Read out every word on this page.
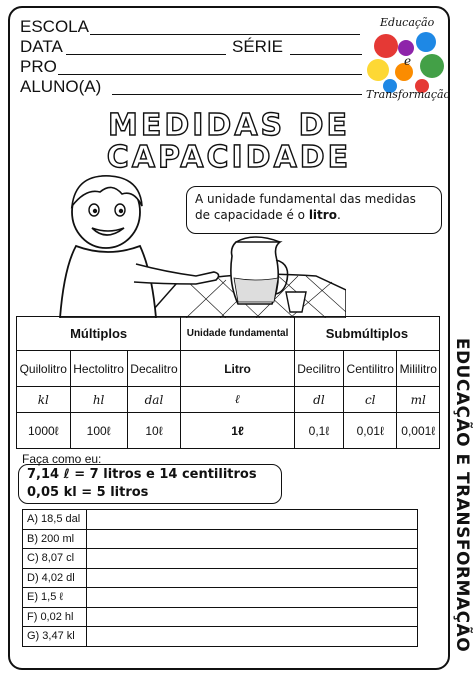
ESCOLA
DATA	SÉRIE
PRO
ALUNO(A)
Educação
e
Transformação
MEDIDAS DE
CAPACIDADE
A unidade fundamental das medidas de capacidade é o litro.
Múltiplos			Unidade fundamental	Submúltiplos		
Quilolitro	Hectolitro	Decalitro	Litro	Decilitro	Centilitro	Mililitro
kl	hl	dal	ℓ	dl	cl	ml
1000ℓ	100ℓ	10ℓ	1ℓ	0,1ℓ	0,01ℓ	0,001ℓ
Faça como eu:
7,14 ℓ = 7 litros e 14 centilitros
0,05 kl = 5 litros
A) 18,5 dal	
B) 200 ml	
C) 8,07 cl	
D) 4,02 dl	
E) 1,5 ℓ	
F) 0,02 hl	
G) 3,47 kl		EDUCAÇÃO E TRANSFORMAÇÃO
